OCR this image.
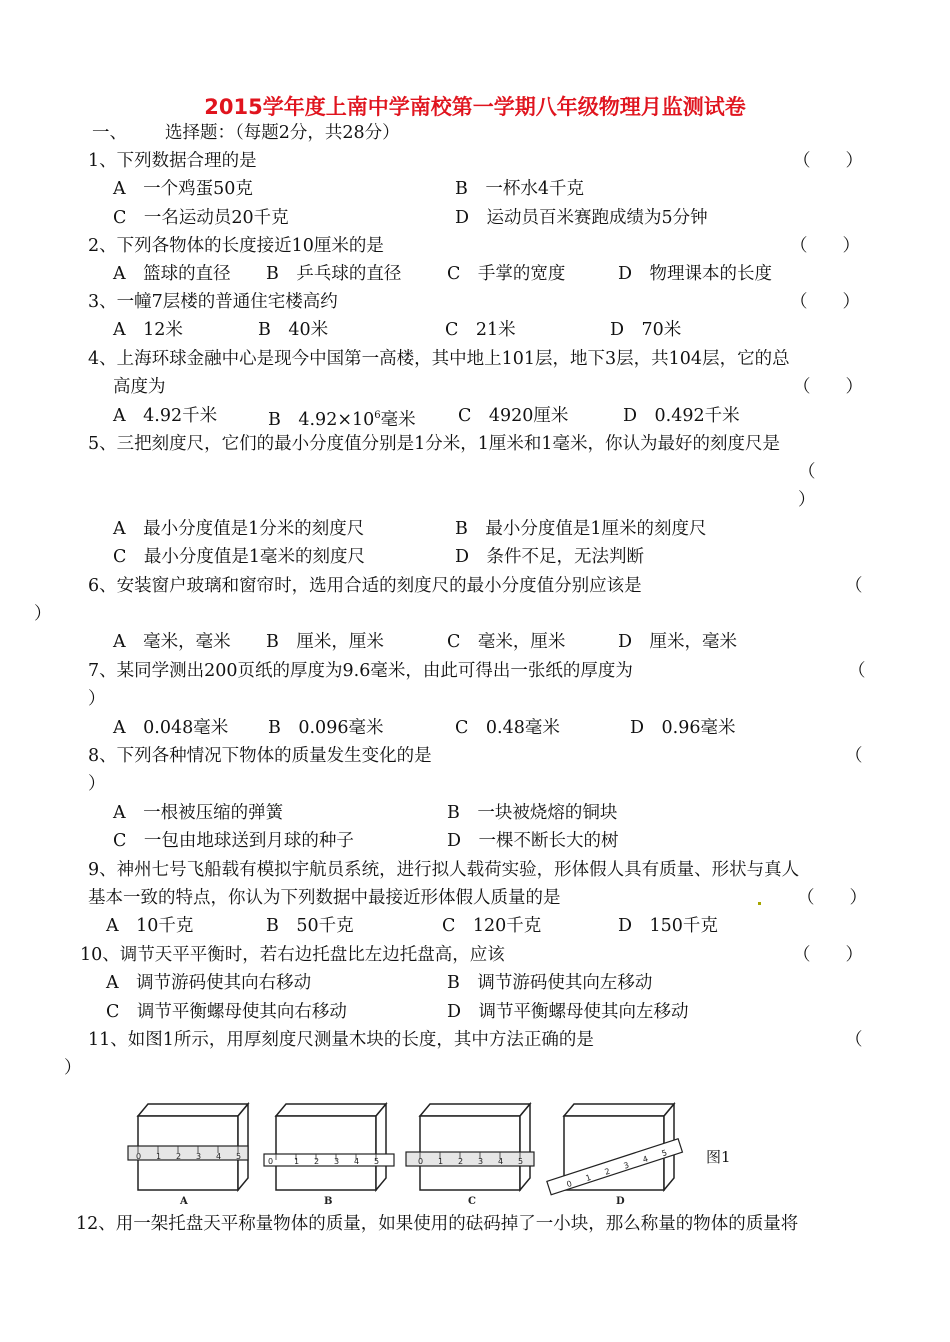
2015学年度上南中学南校第一学期八年级物理月监测试卷
一、 选择题：（每题2分，共28分）
1、下列数据合理的是	（　　）
A　一个鸡蛋50克	B　一杯水4千克
C　一名运动员20千克	D　运动员百米赛跑成绩为5分钟
2、下列各物体的长度接近10厘米的是	（　　）
A　篮球的直径 B　乒乓球的直径	C　手掌的宽度	D　物理课本的长度
3、一幢7层楼的普通住宅楼高约	（　　）
A　12米	B　40米	C　21米	D　70米
4、上海环球金融中心是现今中国第一高楼，其中地上101层，地下3层，共104层，它的总
高度为	（　　）
A　4.92千米	B　$4.92\times 10^6$毫米 C　4920厘米	D　0.492千米
5、三把刻度尺，它们的最小分度值分别是1分米，1厘米和1毫米，你认为最好的刻度尺是
（
）
A　最小分度值是1分米的刻度尺	B　最小分度值是1厘米的刻度尺
C　最小分度值是1毫米的刻度尺	D　条件不足，无法判断
6、安装窗户玻璃和窗帘时，选用合适的刻度尺的最小分度值分别应该是	（
）
A　毫米，毫米 B　厘米，厘米	C　毫米，厘米	D　厘米，毫米
7、某同学测出200页纸的厚度为9.6毫米，由此可得出一张纸的厚度为	（
）
A　0.048毫米 B　0.096毫米	C　0.48毫米	D　0.96毫米
8、下列各种情况下物体的质量发生变化的是	（
）
A　一根被压缩的弹簧	B　一块被烧熔的铜块
C　一包由地球送到月球的种子	D　一棵不断长大的树
9、神州七号飞船载有模拟宇航员系统，进行拟人载荷实验，形体假人具有质量、形状与真人
基本一致的特点，你认为下列数据中最接近形体假人质量的是	（　　）
A　10千克	B　50千克	C　120千克	D　150千克
10、调节天平平衡时，若右边托盘比左边托盘高，应该	（　　）
A　调节游码使其向右移动	B　调节游码使其向左移动
C　调节平衡螺母使其向右移动	D　调节平衡螺母使其向左移动
11、如图1所示，用厚刻度尺测量木块的长度，其中方法正确的是	（
）
0 1 2 3 4 5
0	1 2 3 4 5	0 1 2 3 4 5
0
1
2
3
4
5
A	B	C	D
图1
12、用一架托盘天平称量物体的质量，如果使用的砝码掉了一小块，那么称量的物体的质量将
